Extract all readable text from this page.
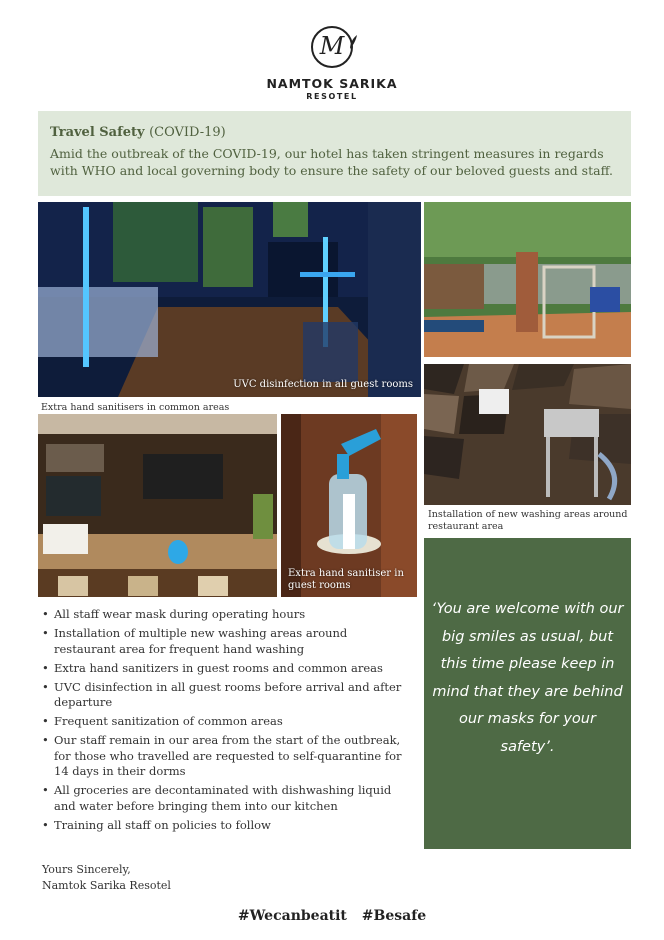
M
NAMTOK SARIKA
RESOTEL
Travel Safety (COVID-19)
Amid the outbreak of the COVID-19, our hotel has taken stringent measures in regards with WHO and local governing body to ensure the safety of our beloved guests and staff.
UVC disinfection in all guest rooms
Extra hand sanitisers in common areas
Extra hand sanitiser in guest rooms
Installation of new washing areas around restaurant area
• All staff wear mask during operating hours
• Installation of multiple new washing areas around restaurant area for frequent hand washing
• Extra hand sanitizers in guest rooms and common areas
• UVC disinfection in all guest rooms before arrival and after departure
• Frequent sanitization of common areas
• Our staff remain in our area from the start of the outbreak, for those who travelled are requested to self-quarantine for 14 days in their dorms
• All groceries are decontaminated with dishwashing liquid and water before bringing them into our kitchen
• Training all staff on policies to follow
‘You are welcome with our big smiles as usual, but this time please keep in mind that they are behind our masks for your safety’.
Yours Sincerely,
Namtok Sarika Resotel
#Wecanbeatit #Besafe
